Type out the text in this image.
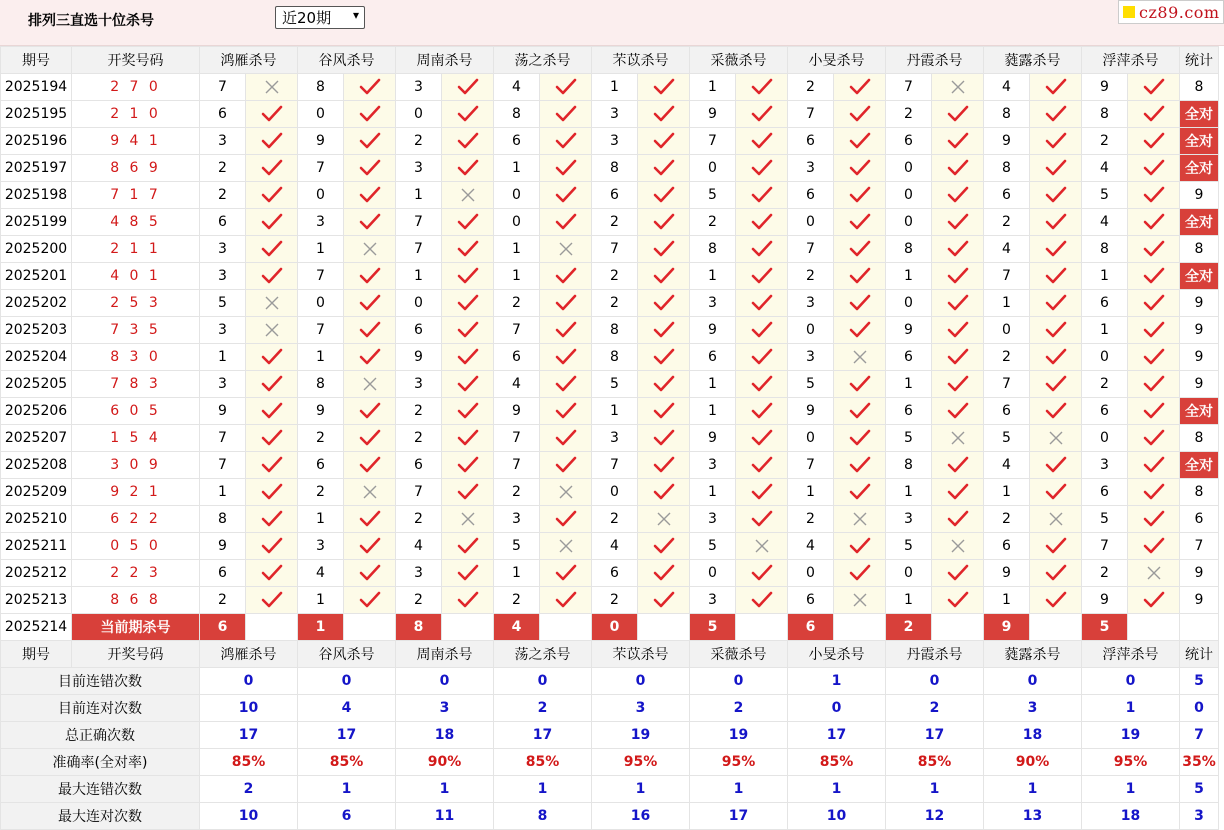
排列三直选十位杀号	近20期 ▾	cz89.com
期号	开奖号码	鸿雁杀号		谷风杀号		周南杀号		荡之杀号		芣苡杀号		采薇杀号		小旻杀号		丹霞杀号		蕤露杀号		浮萍杀号		统计
2025194	2 7 0	7		8		3		4		1		1		2		7		4		9		8
2025195	2 1 0	6		0		0		8		3		9		7		2		8		8		全对
2025196	9 4 1	3		9		2		6		3		7		6		6		9		2		全对
2025197	8 6 9	2		7		3		1		8		0		3		0		8		4		全对
2025198	7 1 7	2		0		1		0		6		5		6		0		6		5		9
2025199	4 8 5	6		3		7		0		2		2		0		0		2		4		全对
2025200	2 1 1	3		1		7		1		7		8		7		8		4		8		8
2025201	4 0 1	3		7		1		1		2		1		2		1		7		1		全对
2025202	2 5 3	5		0		0		2		2		3		3		0		1		6		9
2025203	7 3 5	3		7		6		7		8		9		0		9		0		1		9
2025204	8 3 0	1		1		9		6		8		6		3		6		2		0		9
2025205	7 8 3	3		8		3		4		5		1		5		1		7		2		9
2025206	6 0 5	9		9		2		9		1		1		9		6		6		6		全对
2025207	1 5 4	7		2		2		7		3		9		0		5		5		0		8
2025208	3 0 9	7		6		6		7		7		3		7		8		4		3		全对
2025209	9 2 1	1		2		7		2		0		1		1		1		1		6		8
2025210	6 2 2	8		1		2		3		2		3		2		3		2		5		6
2025211	0 5 0	9		3		4		5		4		5		4		5		6		7		7
2025212	2 2 3	6		4		3		1		6		0		0		0		9		2		9
2025213	8 6 8	2		1		2		2		2		3		6		1		1		9		9
2025214	当前期杀号	6		1		8		4		0		5		6		2		9		5		
期号	开奖号码	鸿雁杀号		谷风杀号		周南杀号		荡之杀号		芣苡杀号		采薇杀号		小旻杀号		丹霞杀号		蕤露杀号		浮萍杀号		统计
目前连错次数		0		0		0		0		0		0		1		0		0		0		5
目前连对次数		10		4		3		2		3		2		0		2		3		1		0
总正确次数		17		17		18		17		19		19		17		17		18		19		7
准确率(全对率)		85%		85%		90%		85%		95%		95%		85%		85%		90%		95%		35%
最大连错次数		2		1		1		1		1		1		1		1		1		1		5
最大连对次数		10		6		11		8		16		17		10		12		13		18		3
